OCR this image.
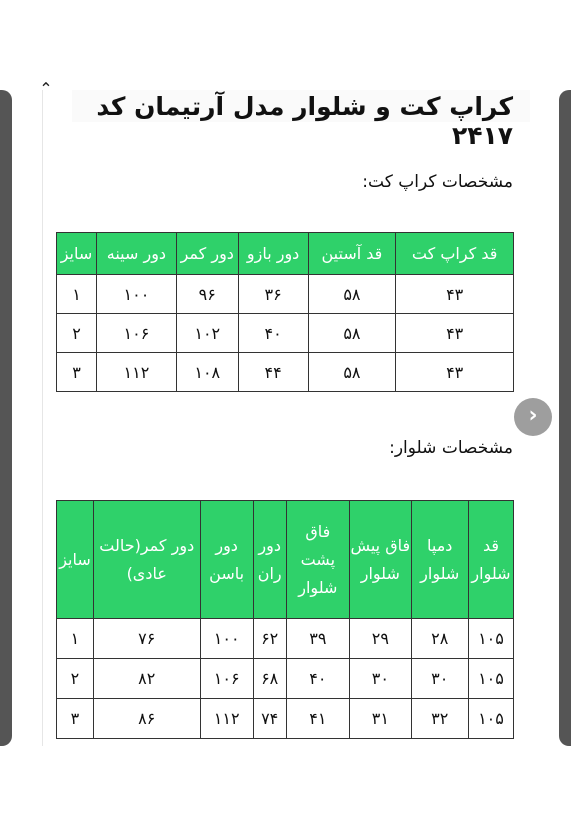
⌃
کراپ کت و شلوار مدل آرتیمان کد ۲۴۱۷
مشخصات کراپ کت:
قد کراپ کت	قد آستین	دور بازو	دور کمر	دور سینه	سایز
۴۳	۵۸	۳۶	۹۶	۱۰۰	۱
۴۳	۵۸	۴۰	۱۰۲	۱۰۶	۲
۴۳	۵۸	۴۴	۱۰۸	۱۱۲	۳
›
مشخصات شلوار:
قد شلوار	دمپا شلوار	فاق پیش شلوار	فاق پشت شلوار	دور ران	دور باسن	دور کمر(حالت عادی)	سایز
۱۰۵	۲۸	۲۹	۳۹	۶۲	۱۰۰	۷۶	۱
۱۰۵	۳۰	۳۰	۴۰	۶۸	۱۰۶	۸۲	۲
۱۰۵	۳۲	۳۱	۴۱	۷۴	۱۱۲	۸۶	۳
